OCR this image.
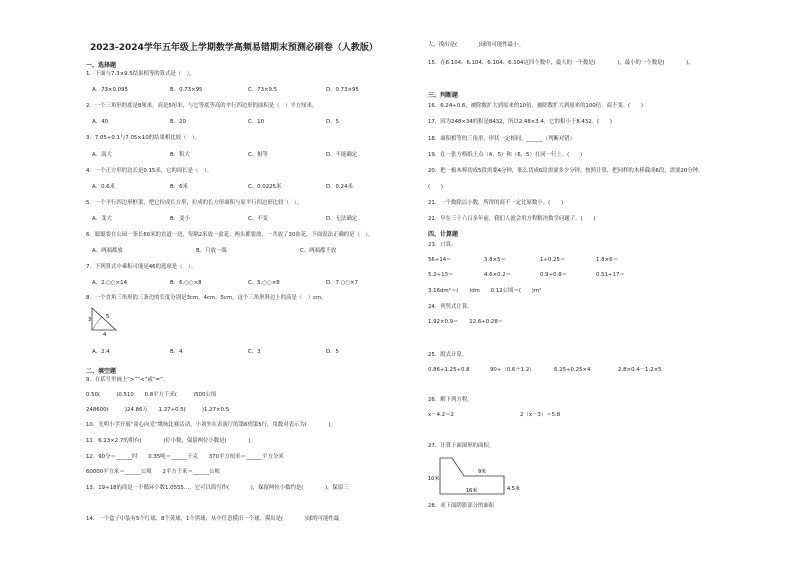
2023-2024学年五年级上学期数学高频易错期末预测必刷卷（人教版）
一、选择题
1．下面与7.3×9.5结果相等的算式是（　）。
A．73×0.095	B．0.73×95	C．73×9.5	D．0.73×95
2．一个三角形的底是8厘米，高是5厘米，与它等底等高的平行四边形的面积是（　）平方厘米。
A．40	B．20	C．10	D．5
3．7.05÷0.1与7.05×10的结果相比较（　）。
A．商大	B．积大	C．相等	D．不能确定
4．一个正方形的边长是0.15米，它的周长是（　）。
A．0.6米	B．6米	C．0.0225米	D．0.24米
5．一个平行四边形框架，把它拉成长方形，拉成的长方形面积与原平行四边形比较（　）。
A．变大	B．变小	C．不变	D．无法确定
6．聪聪要在公园一条长60米的直道一边，每隔2米放一盆花，两头都要放，一共放了30盆花，下面说法正确的是（　）。
A．两端都放	B．只放一端	C．两端都不放
7．下列算式中乘积可能是46的选项是（　）。
A．2.○○×14	B．6.○○×8	C．5.○○×8	D．7.○○×7
8．一个直角三角形的三条边的长度分别是3cm，4cm，5cm，这个三角形斜边上的高是（　）cm。
3	5
4
A．2.4	B．4	C．3	D．5
二、填空题
9．在括号里画上“>”“<”或“=”。
0.50(　　　)0.510　　0.8平方千米(　　　)500公顷
248600(　　　)24.86万　　1.27÷0.5(　　　)1.27×0.5
10．光明小学开展“童心向党”歌咏比赛活动，小刘坐在表演厅的第6列第5行，用数对表示为(　　　　)。
11．6.23×2.7的积有(　　　　)位小数，保留两位小数是(　　　　)。
12．90分＝______时　　0.35吨＝______千克　　370平方厘米＝______平方分米
60000平方米＝______公顷　　2平方千米＝______公顷
13．19÷18的商是一个循环小数1.0555…，它可以简写作(　　　　)，保留两位小数约是(　　　　)，保留三
14．一个盒子中装有5个红球，8个黄球，1个黑球，从中任意摸出一个球，摸出是(　　　　)球的可能性最
大，摸出是(　　　　)球的可能性最小。
15．在6.104、6.10̇4̇、6.1̇04̇、6.10̇4这四个数中，最大的一个数是(　　　　)，最小的一个数是(　　　　)。
三、判断题
16．6.24÷0.6，被除数扩大到原来的10倍，被除数扩大到原来的100倍，商不变。(　　)
17．因为248×34的积是8432，所以2.48×3.4，它的积小于8.432。(　　)
18．面积相等的三角形，形状一定相同。______（判断对错）
19．在一张方格纸上点（4，5）和（6，5）在同一行上。(　　)
20．把一根木棒切成5段需要4分钟，那么切成6段需要多少分钟。按照计算，把同样的木棒截成6段，需要20分钟。
(　　)
21．一个数除以小数，所得的商不一定比原数小。(　　)
22．早在三十六百多年前，我们人就会用方程解决数学问题了。(　　)
四、计算题
23．口算。
56÷14＝	3.8×5＝	1÷0.25＝	1.8×6＝
5.2÷13＝	4.6×0.2＝	0.9÷0.8＝	0.51÷17＝
3.16dm²＝(　　)dm　　0.12公顷＝(　　)m²
24．列竖式计算。
1.92×0.9＝　　12.6÷0.28＝
25．脱式计算。
0.86÷1.25÷0.8	90÷（0.6＋1.2）	6.25÷0.25×4	2.8×0.4－1.2×5
26．解下列方程。
x－4.2＝2	2（x－3）＝5.8
27．计算下面图形的面积。
10米
9米
16米	4.5米
28．求下面阴影部分的面积
